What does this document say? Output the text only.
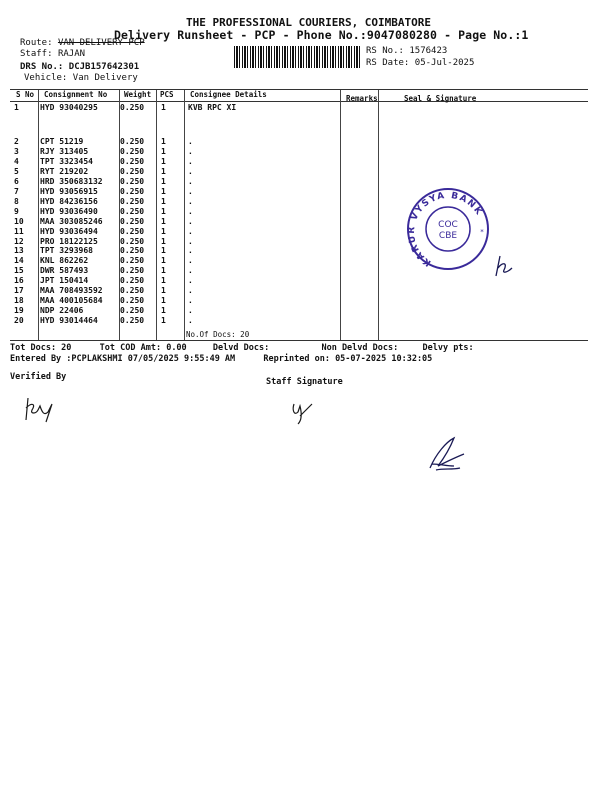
THE PROFESSIONAL COURIERS, COIMBATORE
Delivery Runsheet - PCP - Phone No.:9047080280 - Page No.:1
Route: VAN DELIVERY PCP
Staff: RAJAN
DRS No.: DCJB157642301
Vehicle: Van Delivery
RS No.: 1576423
RS Date: 05-Jul-2025
S No Consignment No Weight PCS Consignee Details	Remarks	Seal & Signature
1	HYD 93040295	0.250 1	KVB RPC XI
2	CPT 51219	0.250 1	.
3	RJY 313405	0.250 1	.
4	TPT 3323454	0.250 1	.
5	RYT 219202	0.250 1	.
6	HRD 350683132 0.250 1	.
7	HYD 93056915	0.250 1	.
8	HYD 84236156	0.250 1	.
9	HYD 93036490	0.250 1	.
10 MAA 303085246 0.250 1	.
11 HYD 93036494	0.250 1	.
12 PRO 18122125	0.250 1	.
13 TPT 3293968	0.250 1	.
14 KNL 862262	0.250 1	.
15 DWR 587493	0.250 1	.
16 JPT 150414	0.250 1	.
17 MAA 708493592 0.250 1	.
18 MAA 400105684 0.250 1	.
19 NDP 22406	0.250 1	.
20 HYD 93014464	0.250 1	.
No.Of Docs: 20
Tot Docs: 20	Tot COD Amt: 0.00	Delvd Docs:	Non Delvd Docs:	Delvy pts:
Entered By :PCPLAKSHMI 07/05/2025 9:55:49 AM	Reprinted on: 05-07-2025 10:32:05
Verified By	Staff Signature
KARUR VYSYA BANK
COC
CBE	*
